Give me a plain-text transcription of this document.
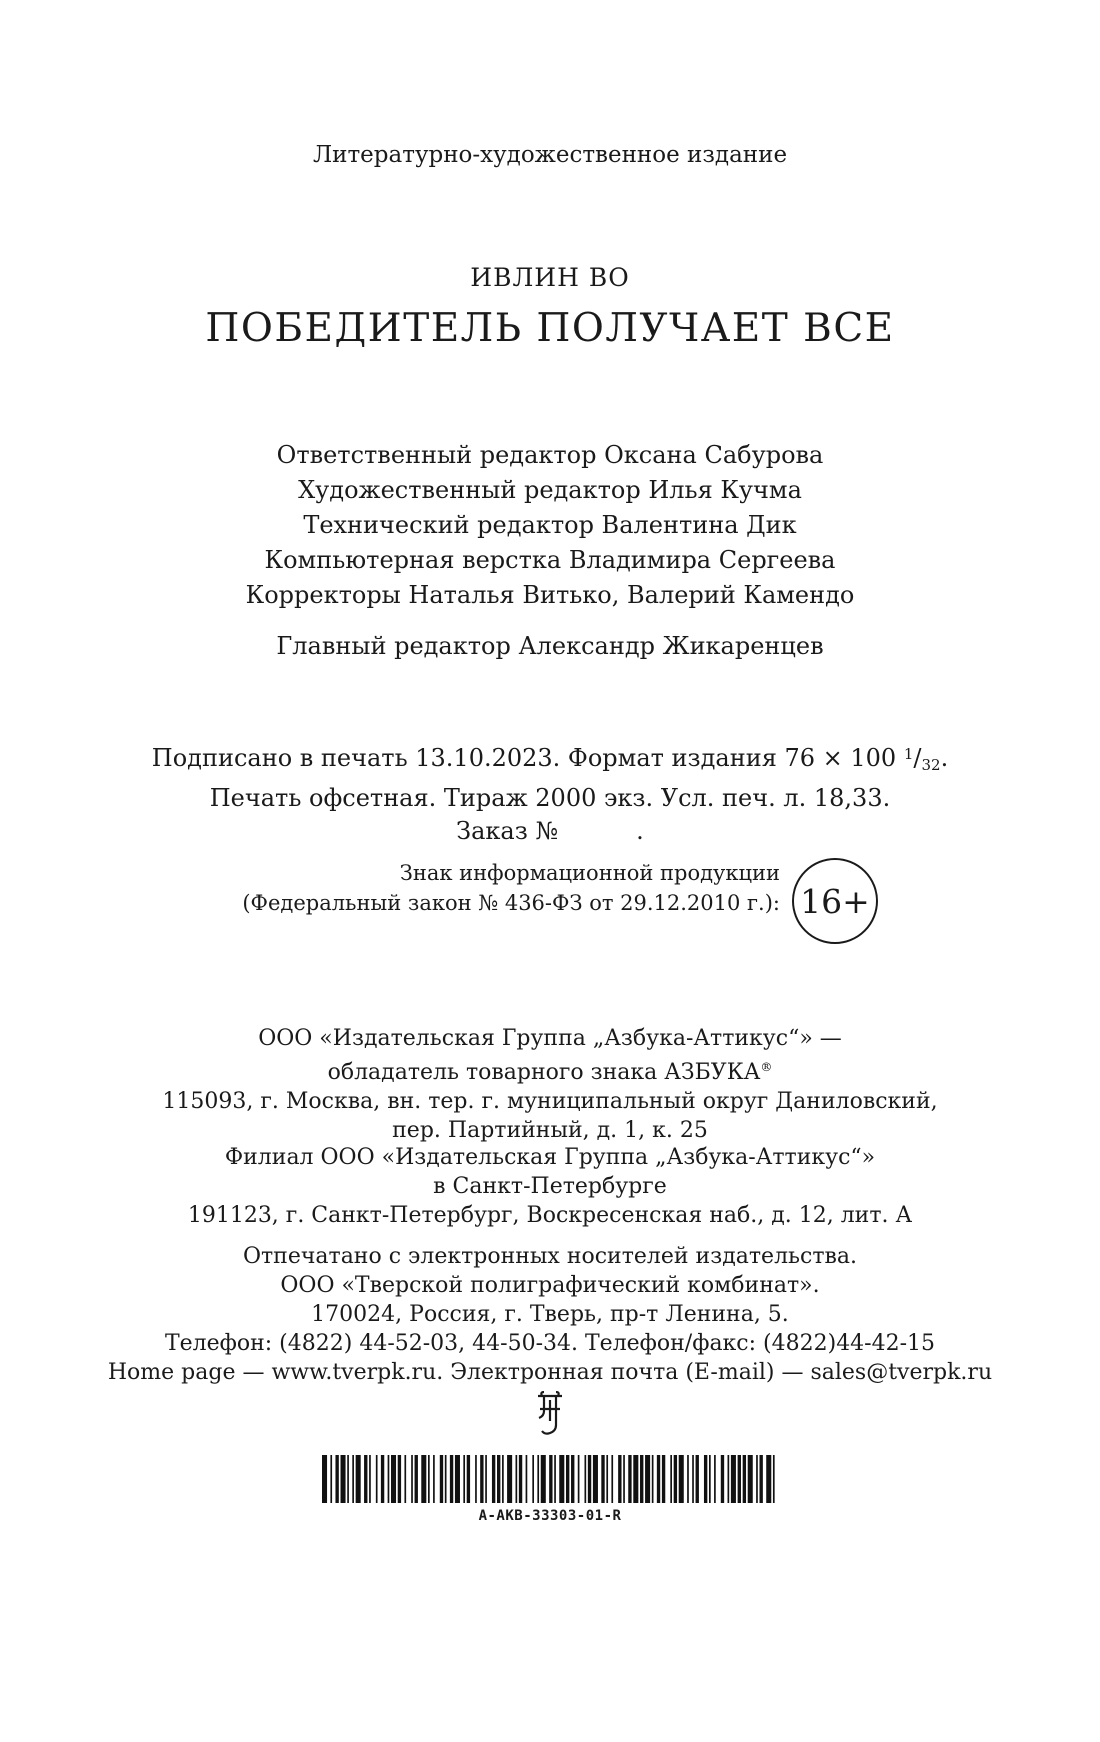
Литературно-художественное издание
ИВЛИН ВО
ПОБЕДИТЕЛЬ ПОЛУЧАЕТ ВСЕ
Ответственный редактор Оксана Сабурова
Художественный редактор Илья Кучма
Технический редактор Валентина Дик
Компьютерная верстка Владимира Сергеева
Корректоры Наталья Витько, Валерий Камендо
Главный редактор Александр Жикаренцев
Подписано в печать 13.10.2023. Формат издания 76 × 100 $^1$/32.
Печать офсетная. Тираж 2000 экз. Усл. печ. л. 18,33.
Заказ №	.
Знак информационной продукции
(Федеральный закон № 436-ФЗ от 29.12.2010 г.): 16+
ООО «Издательская Группа „Азбука-Аттикус“» —
обладатель товарного знака АЗБУКА®
115093, г. Москва, вн. тер. г. муниципальный округ Даниловский,
пер. Партийный, д. 1, к. 25
Филиал ООО «Издательская Группа „Азбука-Аттикус“»
в Санкт-Петербурге
191123, г. Санкт-Петербург, Воскресенская наб., д. 12, лит. А
Отпечатано с электронных носителей издательства.
ООО «Тверской полиграфический комбинат».
170024, Россия, г. Тверь, пр-т Ленина, 5.
Телефон: (4822) 44-52-03, 44-50-34. Телефон/факс: (4822)44-42-15
Home page — www.tverpk.ru. Электронная почта (E-mail) — sales@tverpk.ru
A-AKB-33303-01-R
